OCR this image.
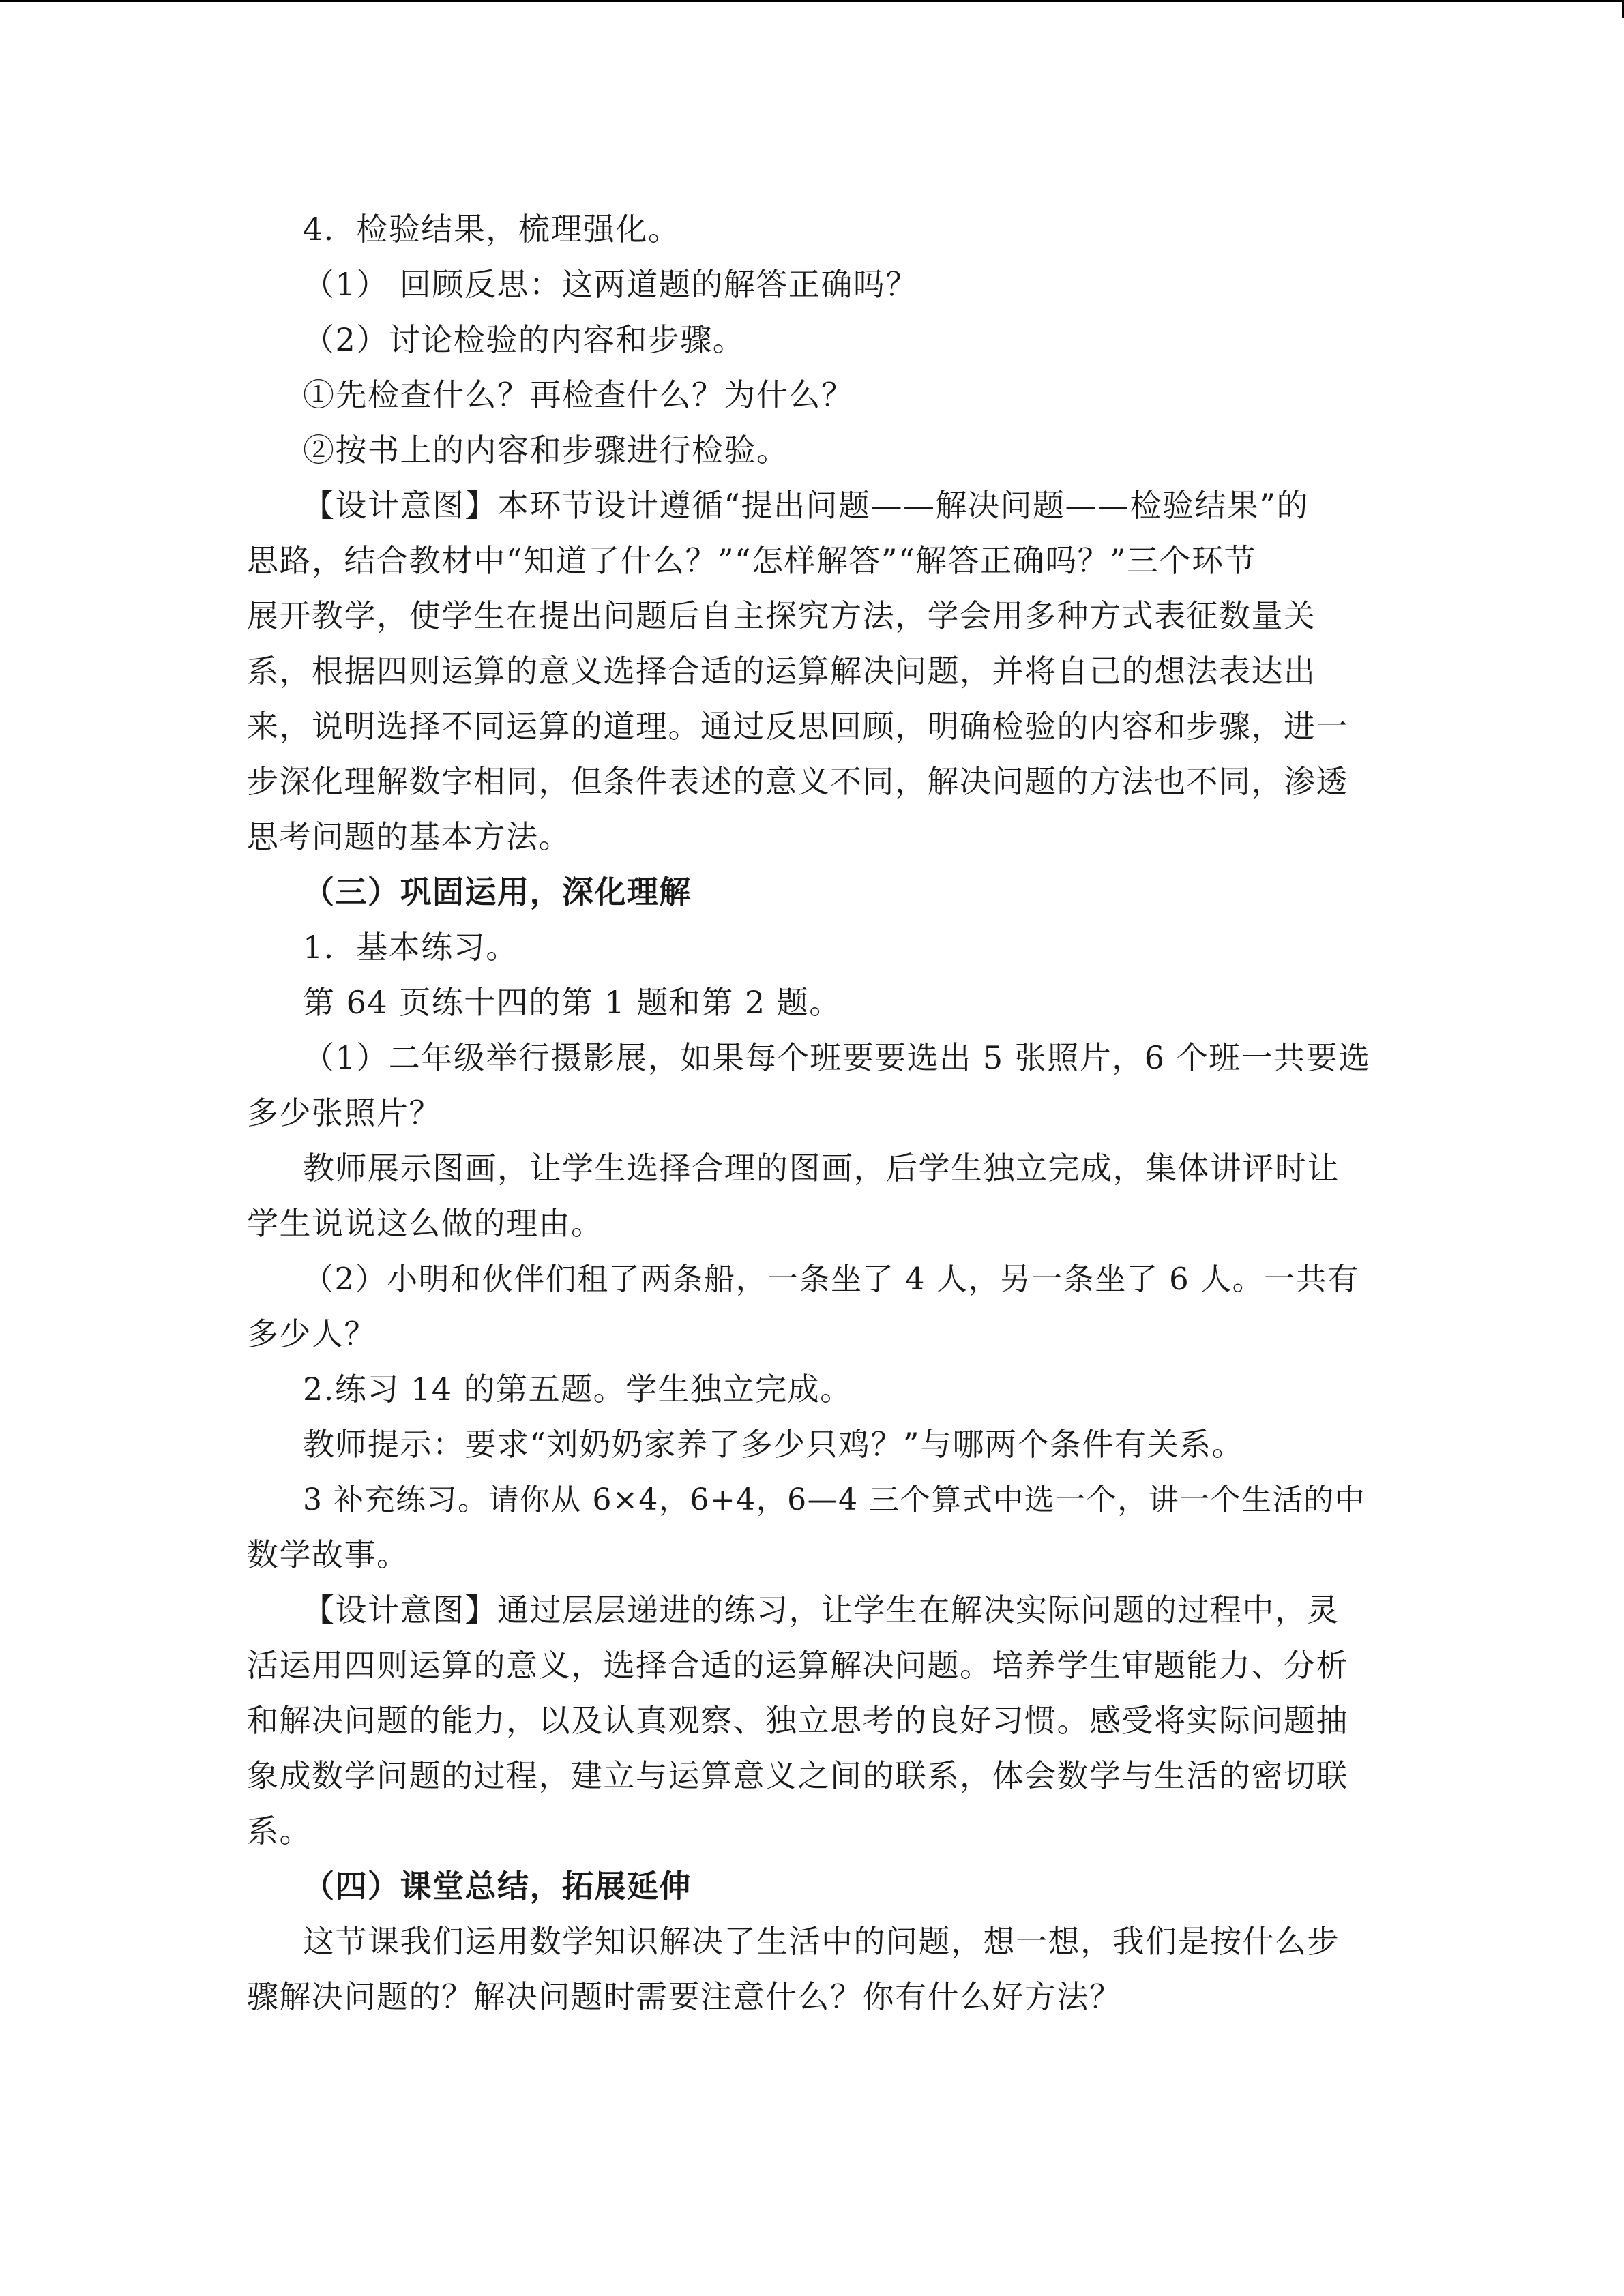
4．检验结果，梳理强化。
（1） 回顾反思：这两道题的解答正确吗？
（2）讨论检验的内容和步骤。
①先检查什么？再检查什么？为什么？
②按书上的内容和步骤进行检验。
【设计意图】本环节设计遵循“提出问题——解决问题——检验结果”的
思路，结合教材中“知道了什么？”“怎样解答”“解答正确吗？”三个环节
展开教学，使学生在提出问题后自主探究方法，学会用多种方式表征数量关
系，根据四则运算的意义选择合适的运算解决问题，并将自己的想法表达出
来，说明选择不同运算的道理。通过反思回顾，明确检验的内容和步骤，进一
步深化理解数字相同，但条件表述的意义不同，解决问题的方法也不同，渗透
思考问题的基本方法。
（三）巩固运用，深化理解
1．基本练习。
第 64 页练十四的第 1 题和第 2 题。
（1）二年级举行摄影展，如果每个班要要选出 5 张照片，6 个班一共要选
多少张照片？
教师展示图画，让学生选择合理的图画，后学生独立完成，集体讲评时让
学生说说这么做的理由。
（2）小明和伙伴们租了两条船，一条坐了 4 人，另一条坐了 6 人。一共有
多少人？
2.练习 14 的第五题。学生独立完成。
教师提示：要求“刘奶奶家养了多少只鸡？”与哪两个条件有关系。
3 补充练习。请你从 6×4，6+4，6—4 三个算式中选一个，讲一个生活的中
数学故事。
【设计意图】通过层层递进的练习，让学生在解决实际问题的过程中，灵
活运用四则运算的意义，选择合适的运算解决问题。培养学生审题能力、分析
和解决问题的能力，以及认真观察、独立思考的良好习惯。感受将实际问题抽
象成数学问题的过程，建立与运算意义之间的联系，体会数学与生活的密切联
系。
（四）课堂总结，拓展延伸
这节课我们运用数学知识解决了生活中的问题，想一想，我们是按什么步
骤解决问题的？解决问题时需要注意什么？你有什么好方法？
